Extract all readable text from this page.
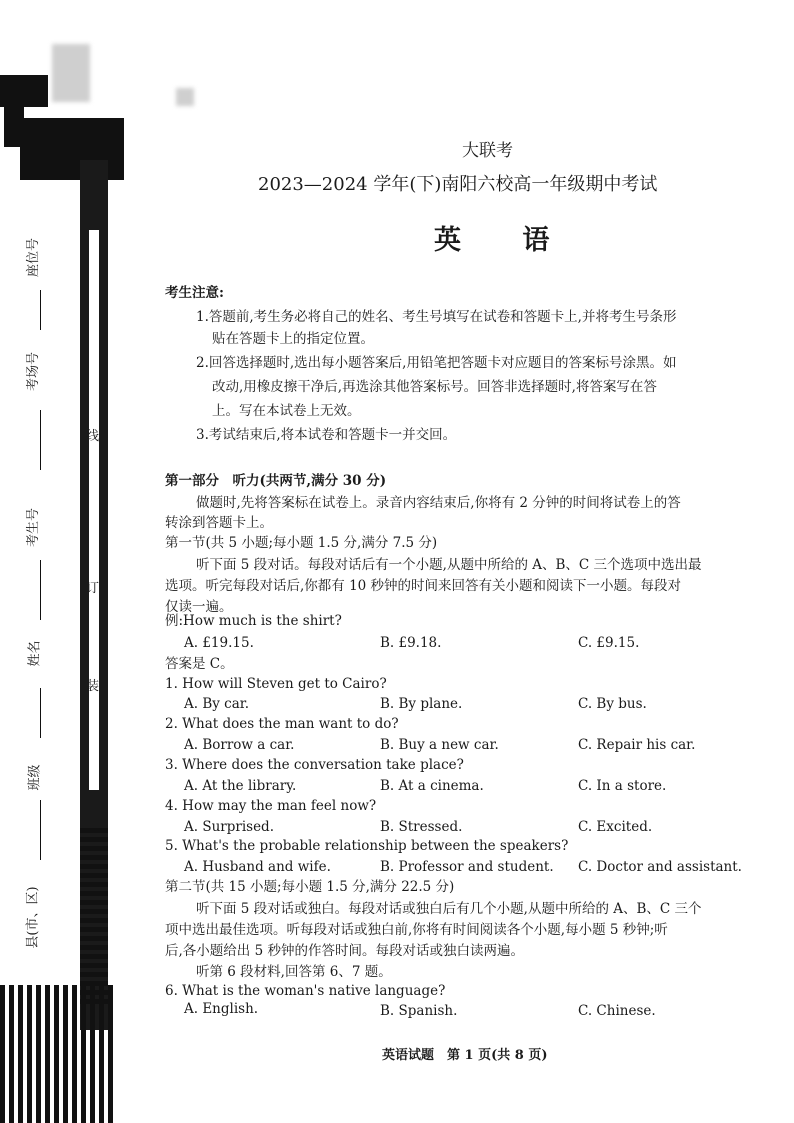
座位号
考场号
考生号
姓名
班级
县(市、区)
线
订
装
大联考
2023—2024 学年(下)南阳六校高一年级期中考试
英 语
考生注意:
1.答题前,考生务必将自己的姓名、考生号填写在试卷和答题卡上,并将考生号条形
贴在答题卡上的指定位置。
2.回答选择题时,选出每小题答案后,用铅笔把答题卡对应题目的答案标号涂黑。如
改动,用橡皮擦干净后,再选涂其他答案标号。回答非选择题时,将答案写在答
上。写在本试卷上无效。
3.考试结束后,将本试卷和答题卡一并交回。
第一部分　听力(共两节,满分 30 分)
做题时,先将答案标在试卷上。录音内容结束后,你将有 2 分钟的时间将试卷上的答
转涂到答题卡上。
第一节(共 5 小题;每小题 1.5 分,满分 7.5 分)
听下面 5 段对话。每段对话后有一个小题,从题中所给的 A、B、C 三个选项中选出最
选项。听完每段对话后,你都有 10 秒钟的时间来回答有关小题和阅读下一小题。每段对
仅读一遍。
例:How much is the shirt?
A. £19.15.	B. £9.18.	C. £9.15.
答案是 C。
1. How will Steven get to Cairo?
A. By car.	B. By plane.	C. By bus.
2. What does the man want to do?
A. Borrow a car.	B. Buy a new car.	C. Repair his car.
3. Where does the conversation take place?
A. At the library.	B. At a cinema.	C. In a store.
4. How may the man feel now?
A. Surprised.	B. Stressed.	C. Excited.
5. What's the probable relationship between the speakers?
A. Husband and wife.	B. Professor and student. C. Doctor and assistant.
第二节(共 15 小题;每小题 1.5 分,满分 22.5 分)
听下面 5 段对话或独白。每段对话或独白后有几个小题,从题中所给的 A、B、C 三个
项中选出最佳选项。听每段对话或独白前,你将有时间阅读各个小题,每小题 5 秒钟;听
后,各小题给出 5 秒钟的作答时间。每段对话或独白读两遍。
听第 6 段材料,回答第 6、7 题。
6. What is the woman's native language?
A. English.	B. Spanish.	C. Chinese.
英语试题　第 1 页(共 8 页)
